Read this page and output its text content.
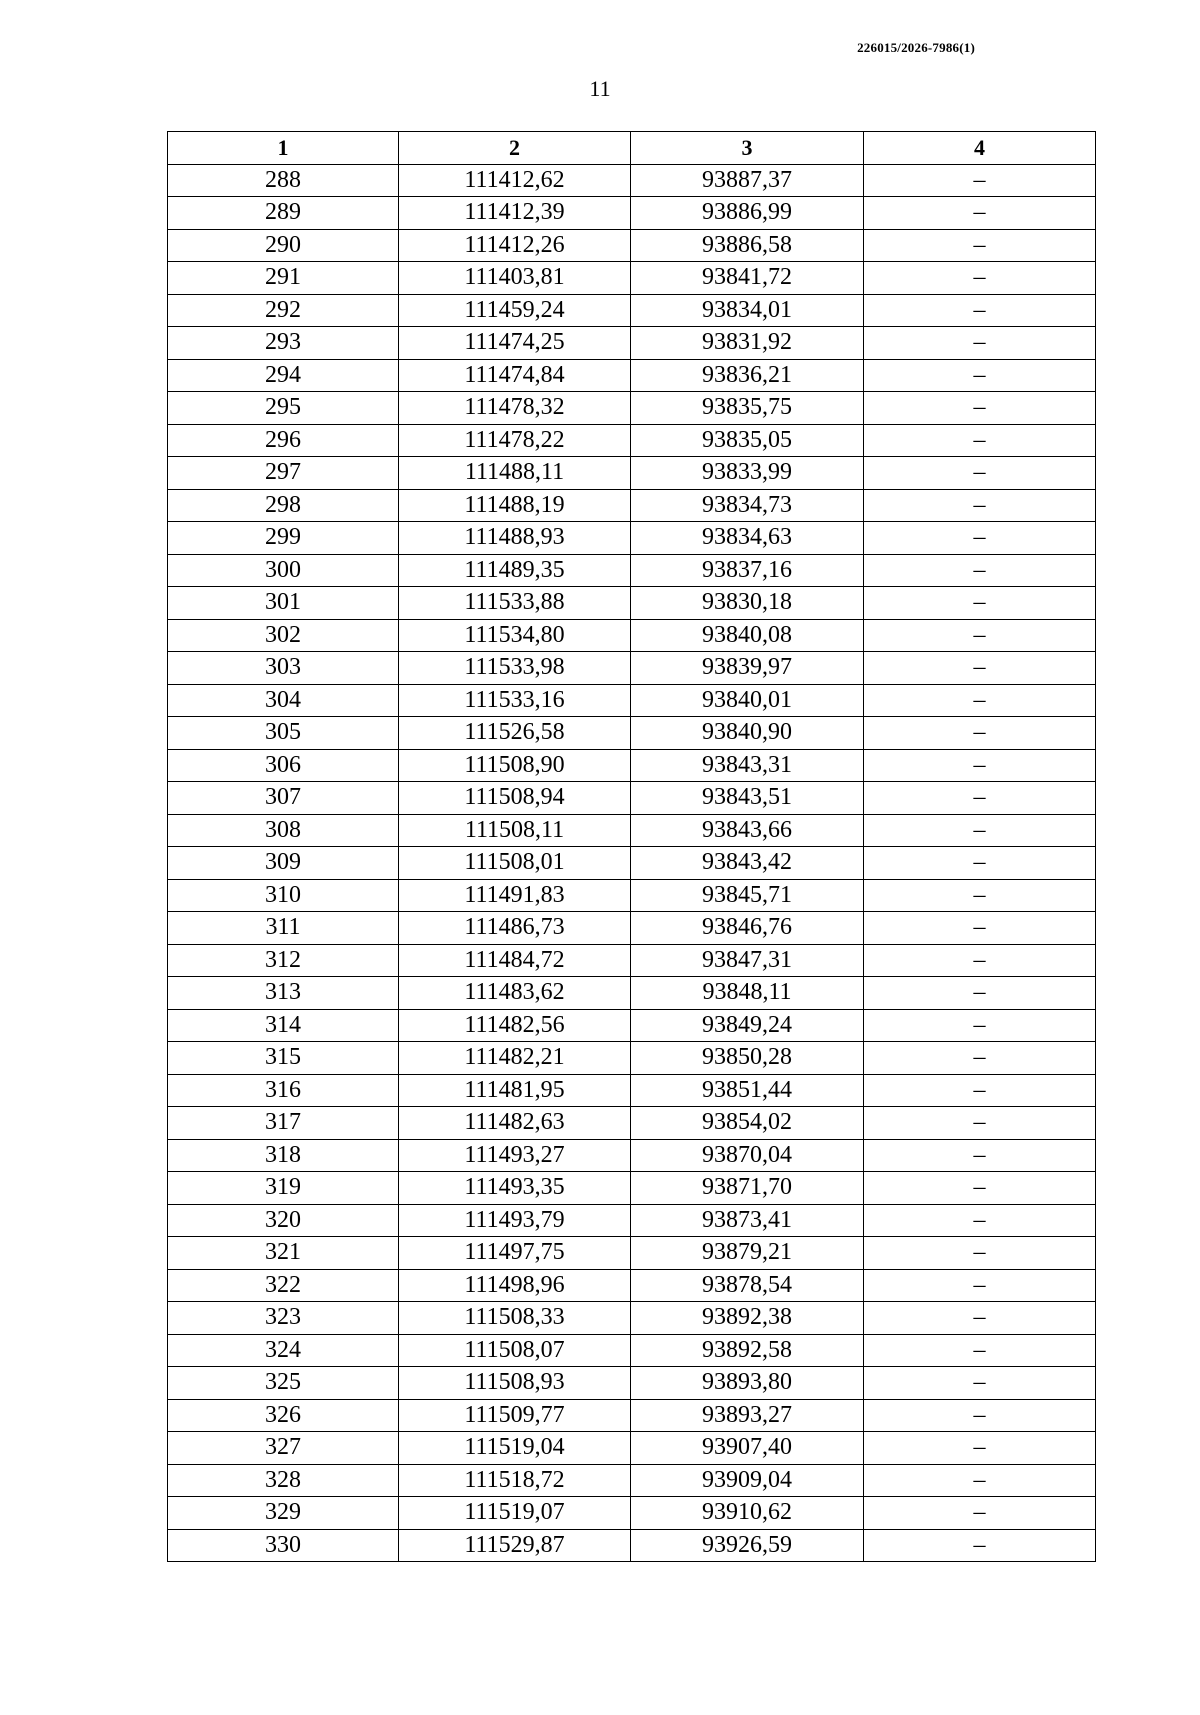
226015/2026-7986(1)
11
1	2	3	4
288	111412,62	93887,37	–
289	111412,39	93886,99	–
290	111412,26	93886,58	–
291	111403,81	93841,72	–
292	111459,24	93834,01	–
293	111474,25	93831,92	–
294	111474,84	93836,21	–
295	111478,32	93835,75	–
296	111478,22	93835,05	–
297	111488,11	93833,99	–
298	111488,19	93834,73	–
299	111488,93	93834,63	–
300	111489,35	93837,16	–
301	111533,88	93830,18	–
302	111534,80	93840,08	–
303	111533,98	93839,97	–
304	111533,16	93840,01	–
305	111526,58	93840,90	–
306	111508,90	93843,31	–
307	111508,94	93843,51	–
308	111508,11	93843,66	–
309	111508,01	93843,42	–
310	111491,83	93845,71	–
311	111486,73	93846,76	–
312	111484,72	93847,31	–
313	111483,62	93848,11	–
314	111482,56	93849,24	–
315	111482,21	93850,28	–
316	111481,95	93851,44	–
317	111482,63	93854,02	–
318	111493,27	93870,04	–
319	111493,35	93871,70	–
320	111493,79	93873,41	–
321	111497,75	93879,21	–
322	111498,96	93878,54	–
323	111508,33	93892,38	–
324	111508,07	93892,58	–
325	111508,93	93893,80	–
326	111509,77	93893,27	–
327	111519,04	93907,40	–
328	111518,72	93909,04	–
329	111519,07	93910,62	–
330	111529,87	93926,59	–
